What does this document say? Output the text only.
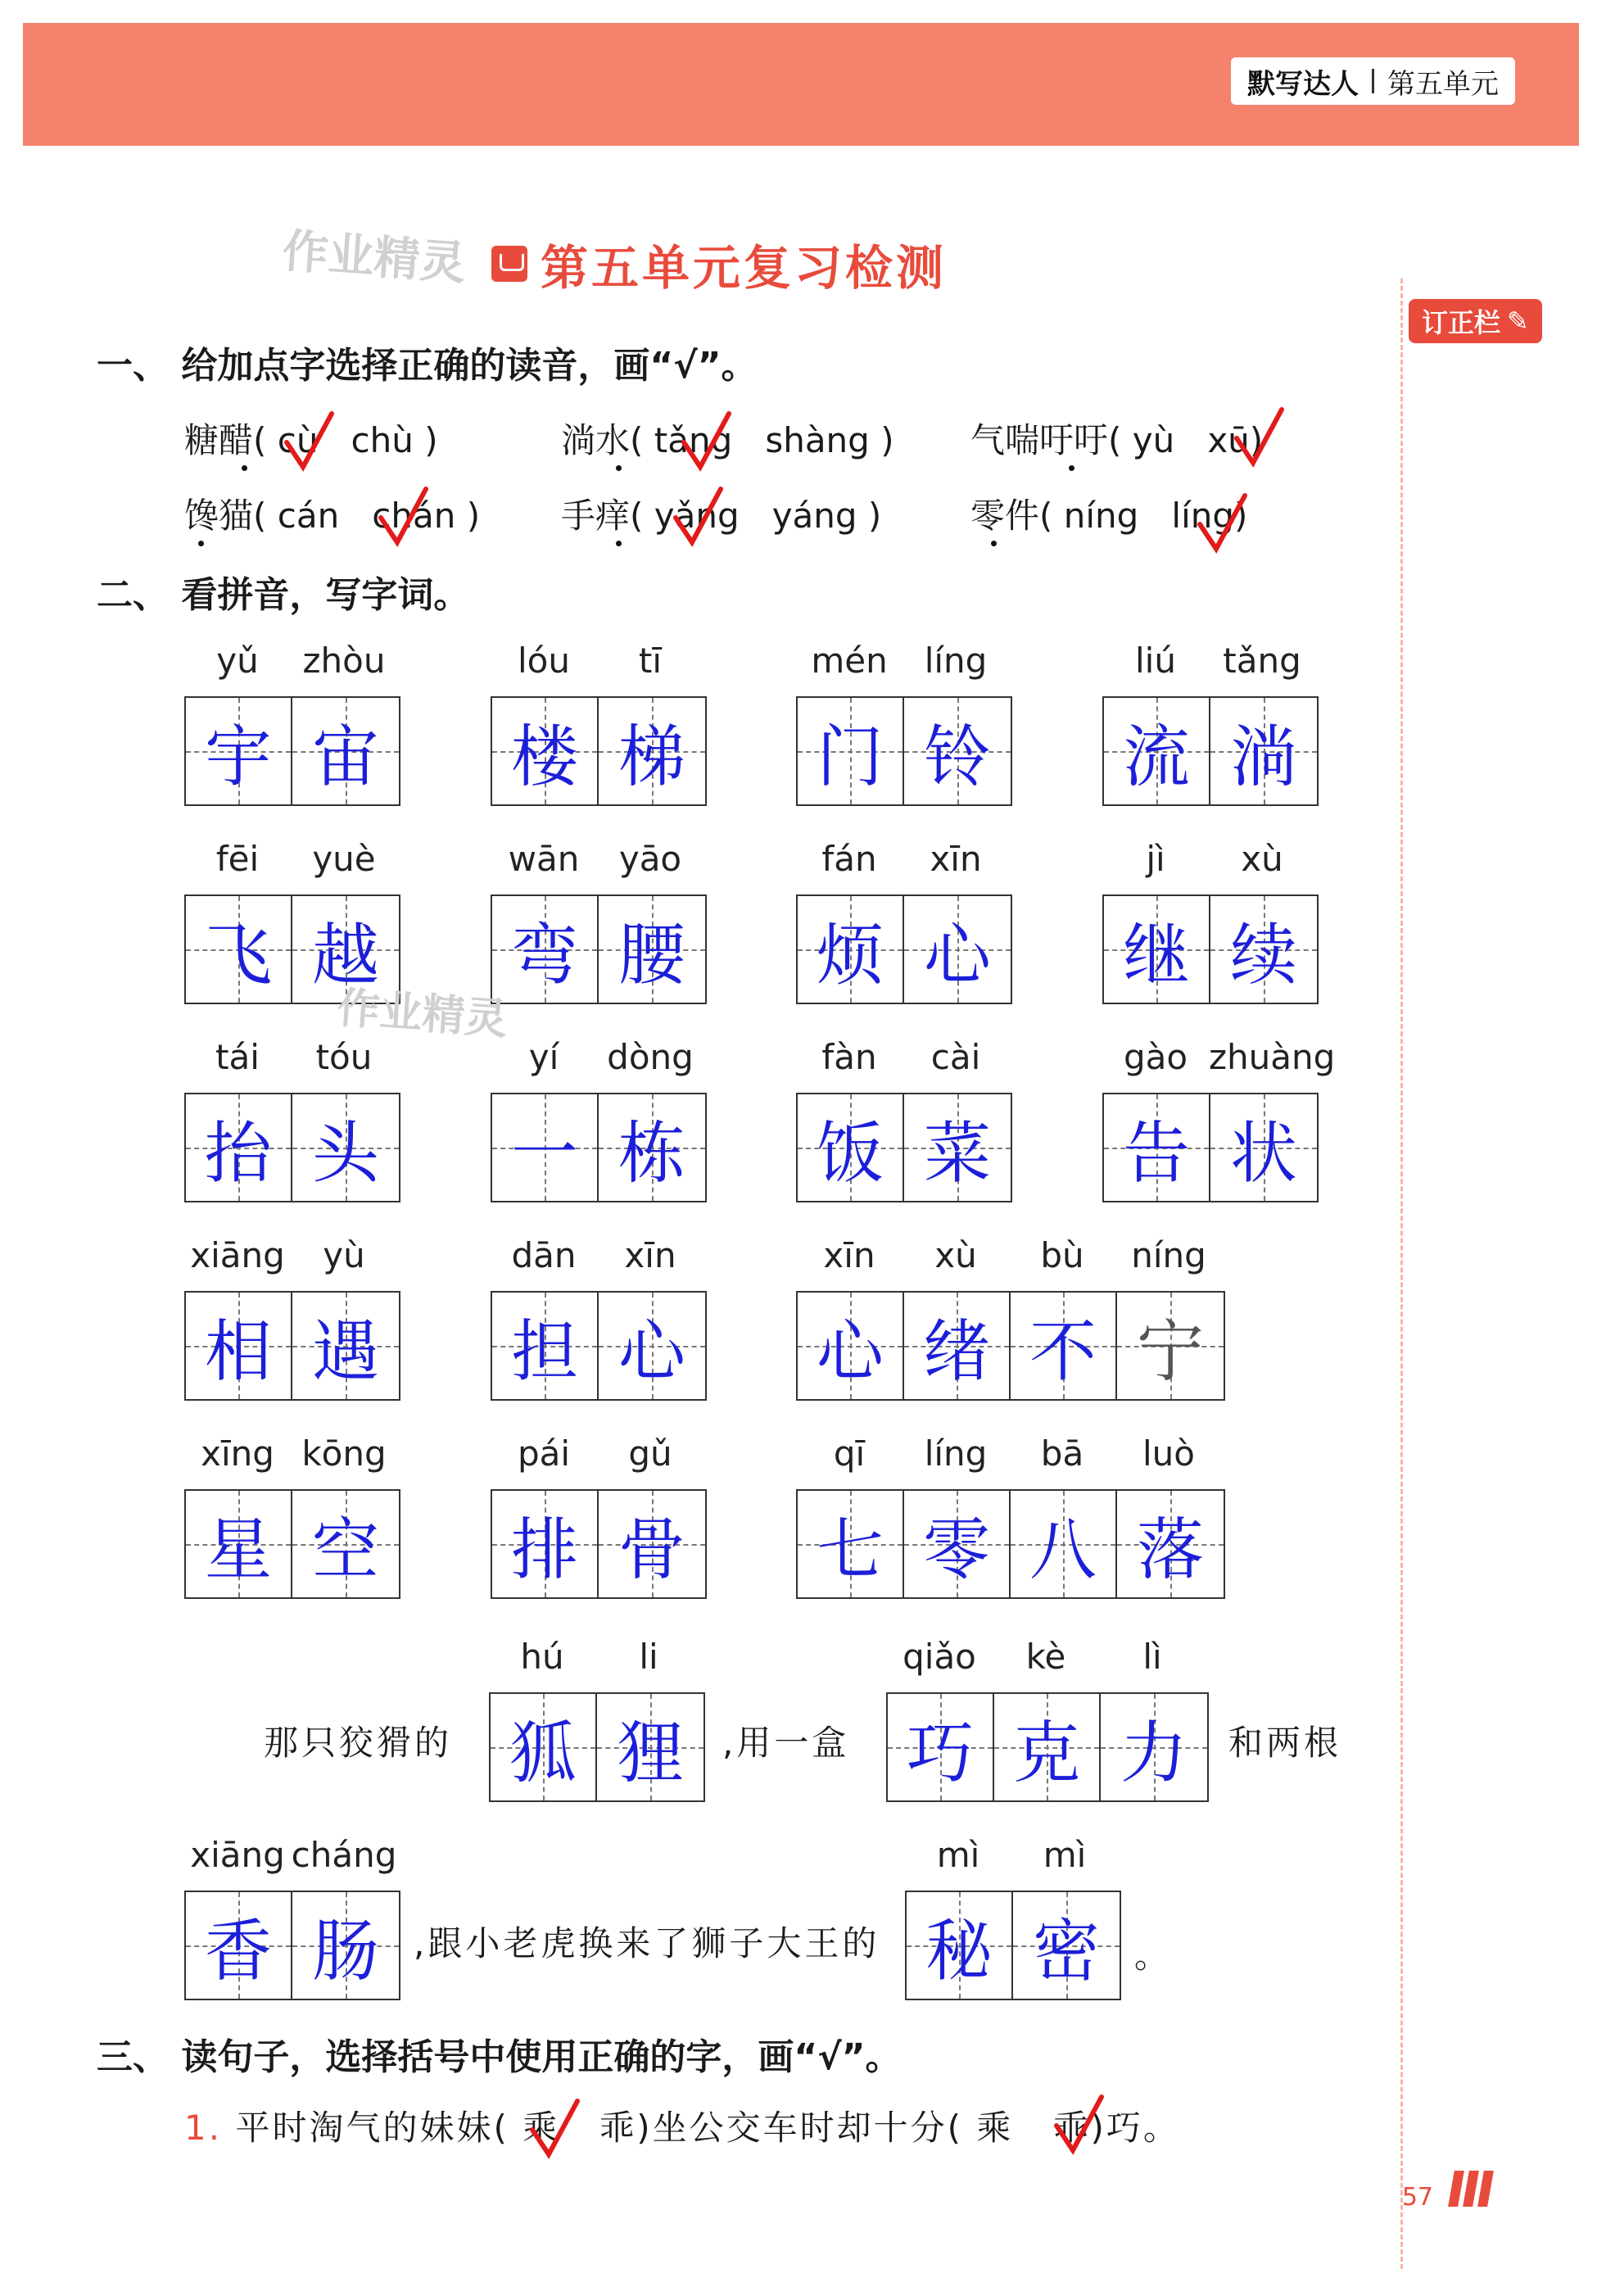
默写达人 第五单元
作业精灵 第五单元复习检测
订正栏 ✎
一、 给加点字选择正确的读音，画“√”。
糖醋( cù chù )	淌水( tǎng shàng ) 气喘吁吁( yù xū)
馋猫( cán chán ) 手痒( yǎng yáng )	零件( níng líng)
二、 看拼音，写字词。
yǔ	zhòu
宇 宙
lóu	tī
楼 梯
mén	líng
门 铃
liú	tǎng
流 淌
fēi	yuè
飞 越
wān	yāo
弯 腰
fán	xīn
烦 心
jì	xù
继 续
tái	tóu
抬 头
yí	dòng
一 栋
fàn	cài
饭 菜
gào zhuàng
告 状
xiāng	yù
相 遇
dān	xīn
担 心
xīn	xù	bù	níng
心 绪 不 宁
xīng kōng
星 空
pái	gǔ
排 骨
qī	líng	bā	luò
七 零 八 落
hú	li
狐 狸
qiǎo	kè	lì
巧 克 力
xiāng cháng
香 肠
mì	mì
秘 密
那只狡猾的	,用一盒	和两根
,跟小老虎换来了狮子大王的	。
作业精灵
三、 读句子，选择括号中使用正确的字，画“√”。
1. 平时淘气的妹妹( 乘 乖)坐公交车时却十分( 乘 乖)巧。
57
